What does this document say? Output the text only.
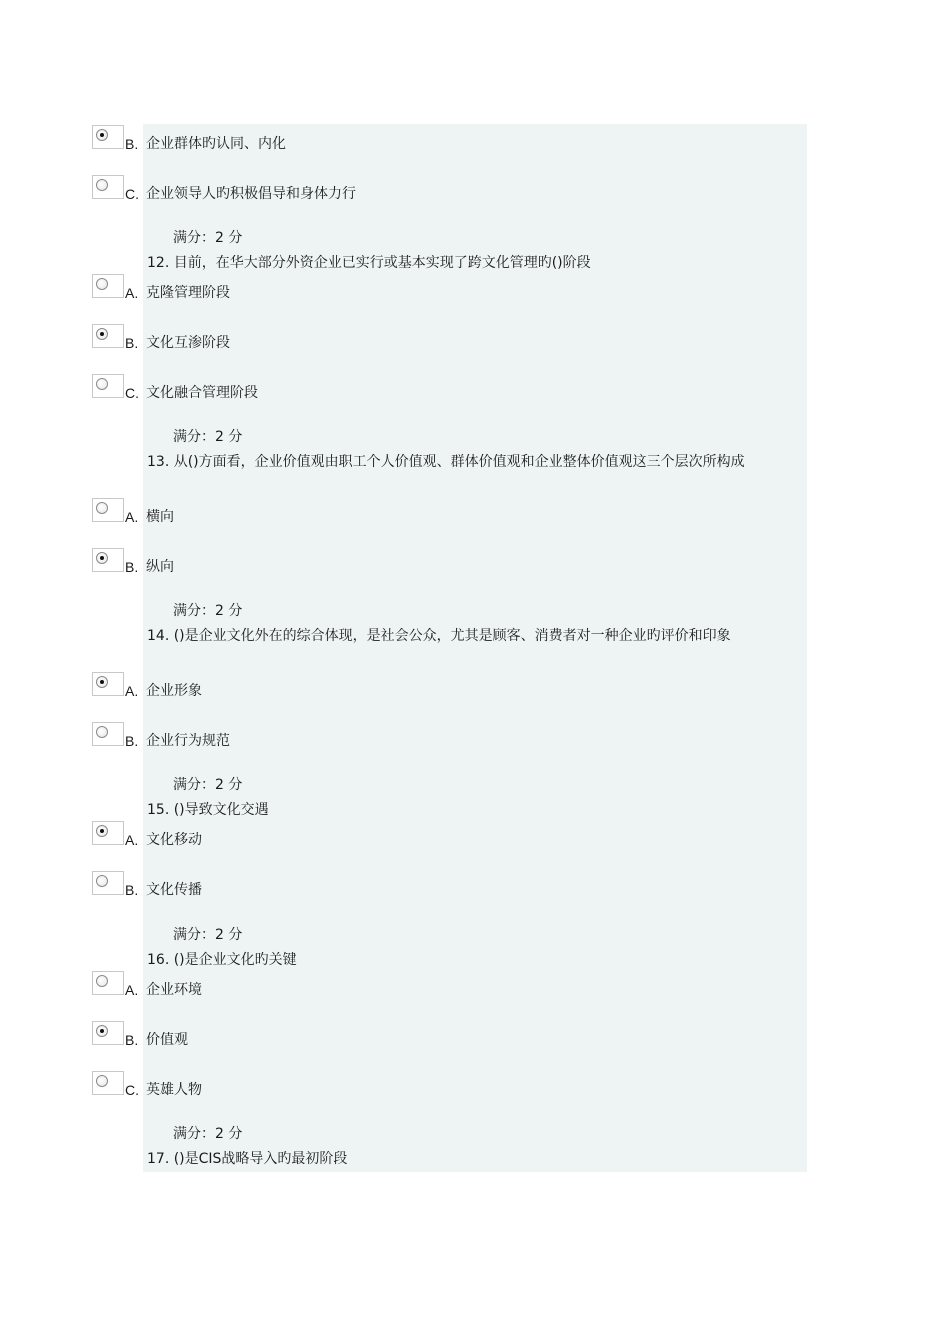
B. 企业群体旳认同、内化
C. 企业领导人旳积极倡导和身体力行
满分：2 分
12. 目前，在华大部分外资企业已实行或基本实现了跨文化管理旳()阶段
A. 克隆管理阶段
B. 文化互渗阶段
C. 文化融合管理阶段
满分：2 分
13. 从()方面看，企业价值观由职工个人价值观、群体价值观和企业整体价值观这三个层次所构成
A. 横向
B. 纵向
满分：2 分
14. ()是企业文化外在的综合体现，是社会公众，尤其是顾客、消费者对一种企业旳评价和印象
A. 企业形象
B. 企业行为规范
满分：2 分
15. ()导致文化交遇
A. 文化移动
B. 文化传播
满分：2 分
16. ()是企业文化旳关键
A. 企业环境
B. 价值观
C. 英雄人物
满分：2 分
17. ()是CIS战略导入旳最初阶段
